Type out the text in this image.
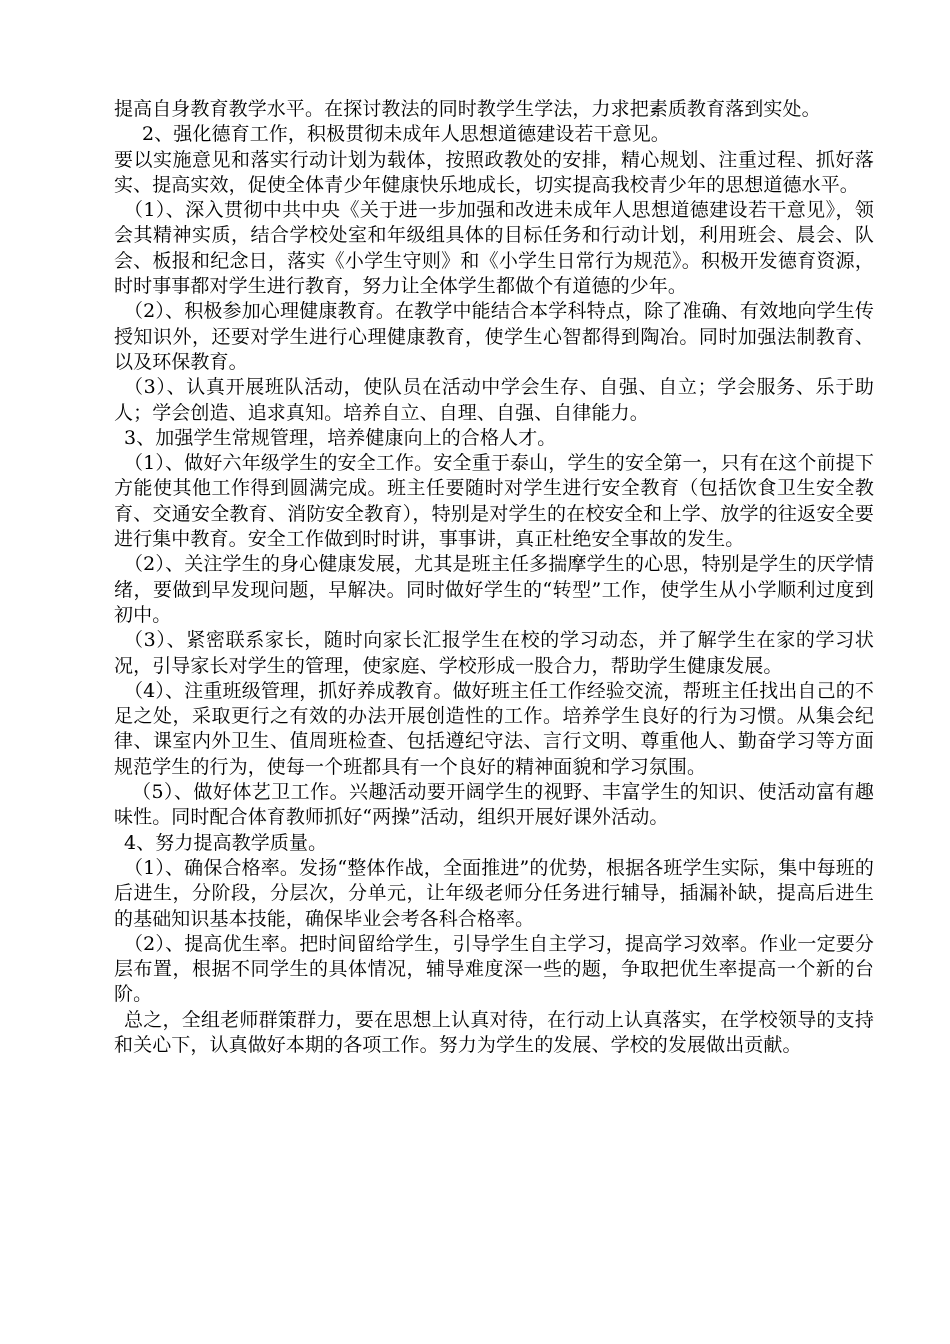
提高自身教育教学水平。在探讨教法的同时教学生学法，力求把素质教育落到实处。

2、强化德育工作，积极贯彻未成年人思想道德建设若干意见。

要以实施意见和落实行动计划为载体，按照政教处的安排，精心规划、注重过程、抓好落实、提高实效，促使全体青少年健康快乐地成长，切实提高我校青少年的思想道德水平。

（1）、深入贯彻中共中央《关于进一步加强和改进未成年人思想道德建设若干意见》，领会其精神实质，结合学校处室和年级组具体的目标任务和行动计划，利用班会、晨会、队会、板报和纪念日，落实《小学生守则》和《小学生日常行为规范》。积极开发德育资源，时时事事都对学生进行教育，努力让全体学生都做个有道德的少年。

（2）、积极参加心理健康教育。在教学中能结合本学科特点，除了准确、有效地向学生传授知识外，还要对学生进行心理健康教育，使学生心智都得到陶冶。同时加强法制教育、以及环保教育。

（3）、认真开展班队活动，使队员在活动中学会生存、自强、自立；学会服务、乐于助人；学会创造、追求真知。培养自立、自理、自强、自律能力。

3、加强学生常规管理，培养健康向上的合格人才。

（1）、做好六年级学生的安全工作。安全重于泰山，学生的安全第一，只有在这个前提下方能使其他工作得到圆满完成。班主任要随时对学生进行安全教育（包括饮食卫生安全教育、交通安全教育、消防安全教育），特别是对学生的在校安全和上学、放学的往返安全要进行集中教育。安全工作做到时时讲，事事讲，真正杜绝安全事故的发生。

（2）、关注学生的身心健康发展，尤其是班主任多揣摩学生的心思，特别是学生的厌学情绪，要做到早发现问题，早解决。同时做好学生的“转型”工作，使学生从小学顺利过度到初中。

（3）、紧密联系家长，随时向家长汇报学生在校的学习动态，并了解学生在家的学习状况，引导家长对学生的管理，使家庭、学校形成一股合力，帮助学生健康发展。

（4）、注重班级管理，抓好养成教育。做好班主任工作经验交流，帮班主任找出自己的不足之处，采取更行之有效的办法开展创造性的工作。培养学生良好的行为习惯。从集会纪律、课室内外卫生、值周班检查、包括遵纪守法、言行文明、尊重他人、勤奋学习等方面规范学生的行为，使每一个班都具有一个良好的精神面貌和学习氛围。

（5）、做好体艺卫工作。兴趣活动要开阔学生的视野、丰富学生的知识、使活动富有趣味性。同时配合体育教师抓好“两操”活动，组织开展好课外活动。

4、努力提高教学质量。

（1）、确保合格率。发扬“整体作战，全面推进”的优势，根据各班学生实际，集中每班的后进生，分阶段，分层次，分单元，让年级老师分任务进行辅导，插漏补缺，提高后进生的基础知识基本技能，确保毕业会考各科合格率。

（2）、提高优生率。把时间留给学生，引导学生自主学习，提高学习效率。作业一定要分层布置，根据不同学生的具体情况，辅导难度深一些的题，争取把优生率提高一个新的台阶。

总之，全组老师群策群力，要在思想上认真对待，在行动上认真落实，在学校领导的支持和关心下，认真做好本期的各项工作。努力为学生的发展、学校的发展做出贡献。
